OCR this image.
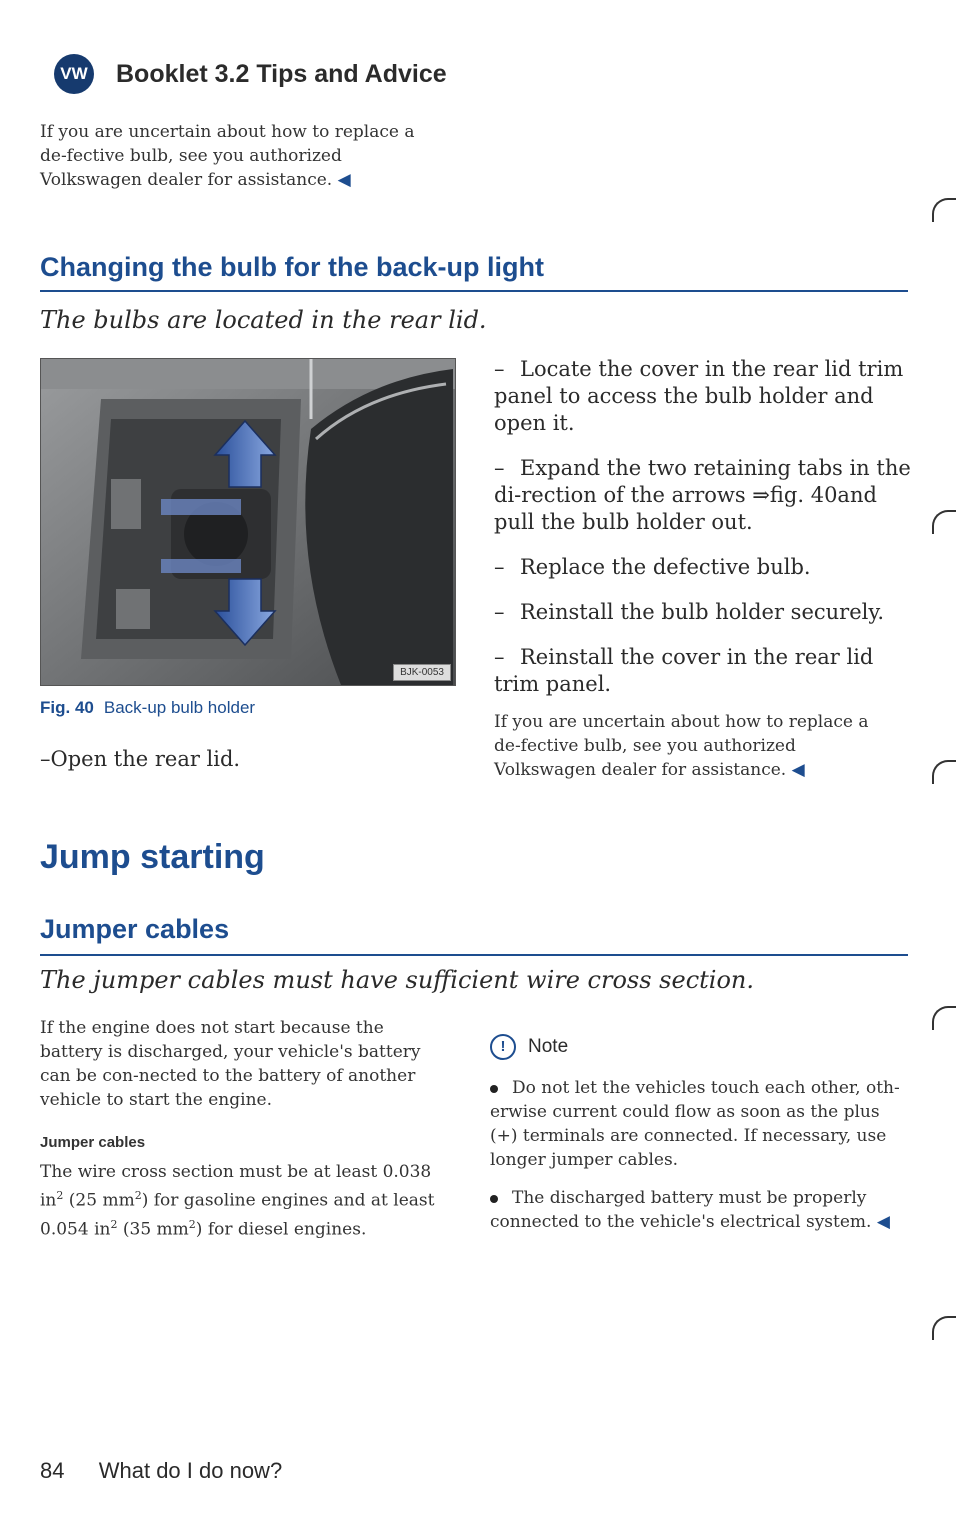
VW Booklet 3.2 Tips and Advice
If you are uncertain about how to replace a de-fective bulb, see you authorized Volkswagen dealer for assistance. ◀
Changing the bulb for the back-up light
The bulbs are located in the rear lid.
BJK-0053
Fig. 40 Back-up bulb holder
–Open the rear lid.

– Locate the cover in the rear lid trim panel to access the bulb holder and open it.

– Expand the two retaining tabs in the di-rection of the arrows ⇒fig. 40and pull the bulb holder out.

– Replace the defective bulb.

– Reinstall the bulb holder securely.

– Reinstall the cover in the rear lid trim panel.

If you are uncertain about how to replace a de-fective bulb, see you authorized Volkswagen dealer for assistance. ◀
Jump starting
Jumper cables
The jumper cables must have sufficient wire cross section.
If the engine does not start because the battery is discharged, your vehicle's battery can be con-nected to the battery of another vehicle to start the engine.
Jumper cables
The wire cross section must be at least 0.038 $in^2$ (25 $mm^2$) for gasoline engines and at least 0.054 $in^2$ (35 $mm^2$) for diesel engines.
! Note
Do not let the vehicles touch each other, oth-erwise current could flow as soon as the plus (+) terminals are connected. If necessary, use longer jumper cables.
The discharged battery must be properly connected to the vehicle's electrical system. ◀
84 What do I do now?
